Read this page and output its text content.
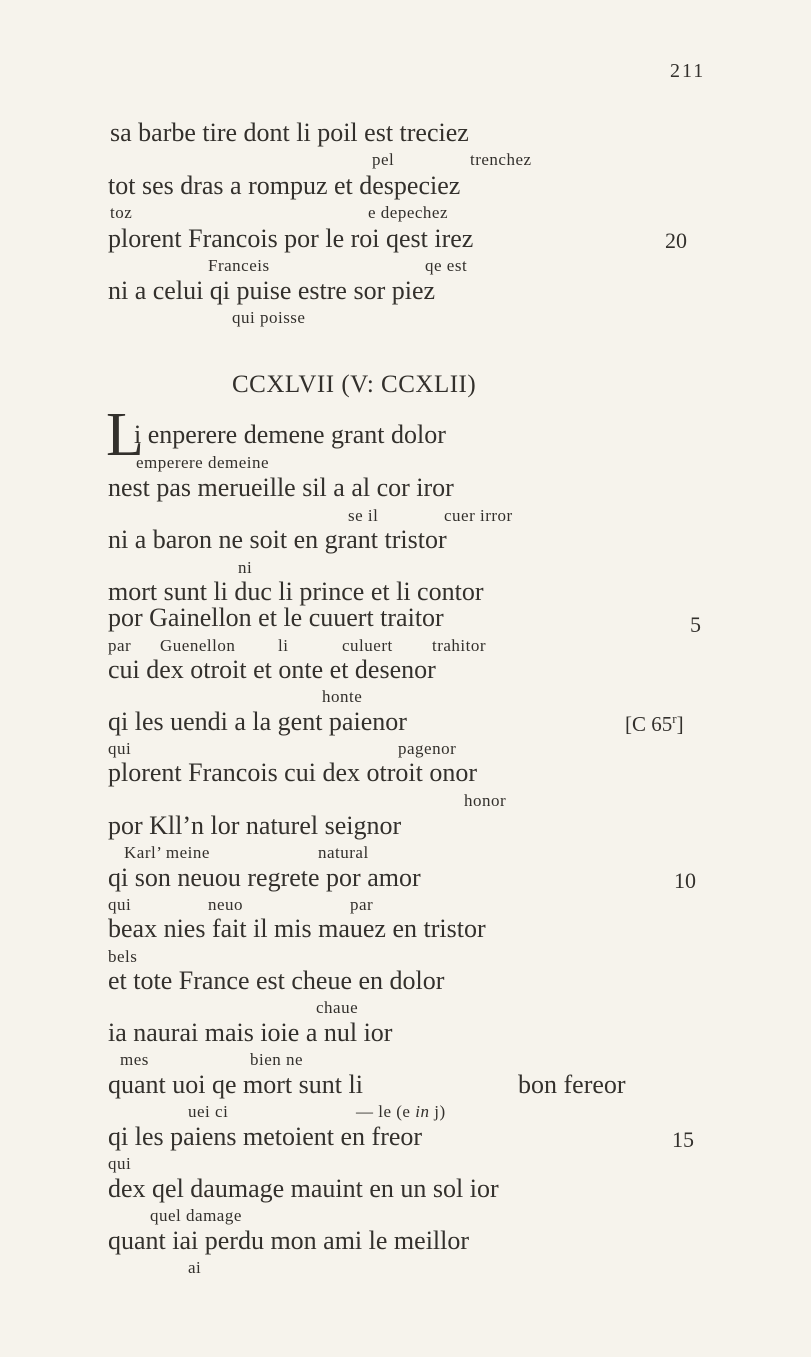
211
sa barbe tire dont li poil est treciez
pel	trenchez
tot ses dras a rompuz et despeciez
toz	e depechez
plorent Francois por le roi qest irez	20
Franceis	qe est
ni a celui qi puise estre sor piez
qui poisse
CCXLVII (V: CCXLII)
L
i enperere demene grant dolor
emperere demeine
nest pas merueille sil a al cor iror
se il	cuer irror
ni a baron ne soit en grant tristor
ni
mort sunt li duc li prince et li contor
por Gainellon et le cuuert traitor	5
par Guenellon	li	culuert trahitor
cui dex otroit et onte et desenor
honte
qi les uendi a la gent paienor	[C 65$^r$]
qui	pagenor
plorent Francois cui dex otroit onor
honor
por Kll’n lor naturel seignor
Karl’ meine	natural
qi son neuou regrete por amor	10
qui	neuo	par
beax nies fait il mis mauez en tristor
bels
et tote France est cheue en dolor
chaue
ia naurai mais ioie a nul ior
mes	bien ne
quant uoi qe mort sunt li	bon fereor
uei ci	— le (e in j)
qi les paiens metoient en freor	15
qui
dex qel daumage mauint en un sol ior
quel damage
quant iai perdu mon ami le meillor
ai
